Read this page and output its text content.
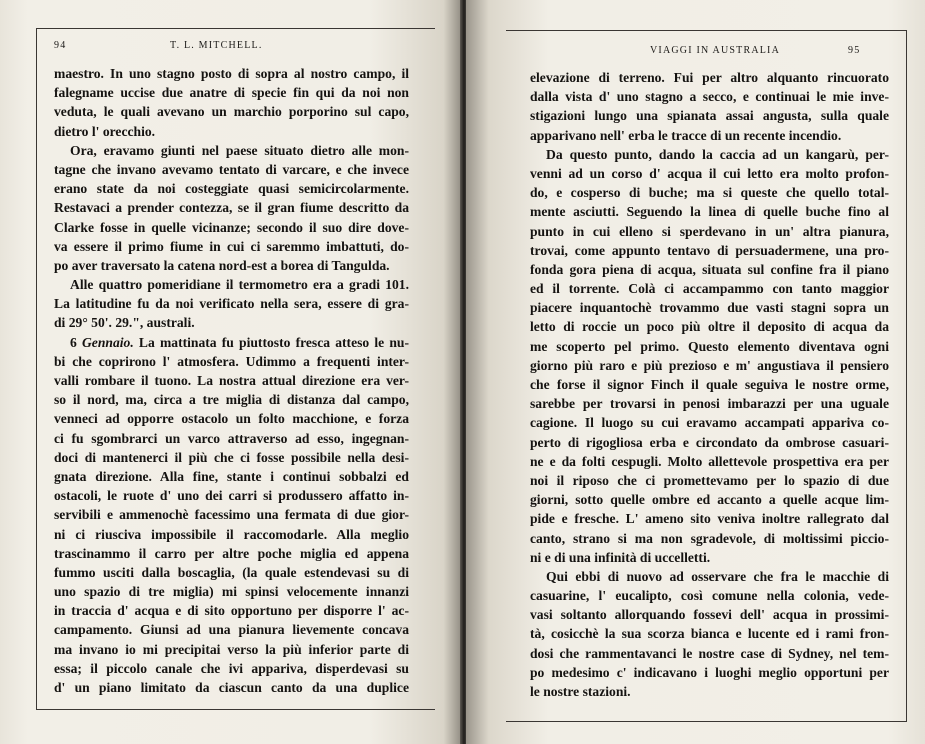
94	T. L. MITCHELL.
maestro. In uno stagno posto di sopra al nostro campo, il
falegname uccise due anatre di specie fin qui da noi non
veduta, le quali avevano un marchio porporino sul capo,
dietro l' orecchio.
Ora, eravamo giunti nel paese situato dietro alle mon-
tagne che invano avevamo tentato di varcare, e che invece
erano state da noi costeggiate quasi semicircolarmente.
Restavaci a prender contezza, se il gran fiume descritto da
Clarke fosse in quelle vicinanze; secondo il suo dire dove-
va essere il primo fiume in cui ci saremmo imbattuti, do-
po aver traversato la catena nord-est a borea di Tangulda.
Alle quattro pomeridiane il termometro era a gradi 101.
La latitudine fu da noi verificato nella sera, essere di gra-
di 29° 50'. 29.", australi.
6 Gennaio. La mattinata fu piuttosto fresca atteso le nu-
bi che coprirono l' atmosfera. Udimmo a frequenti inter-
valli rombare il tuono. La nostra attual direzione era ver-
so il nord, ma, circa a tre miglia di distanza dal campo,
venneci ad opporre ostacolo un folto macchione, e forza
ci fu sgombrarci un varco attraverso ad esso, ingegnan-
doci di mantenerci il più che ci fosse possibile nella desi-
gnata direzione. Alla fine, stante i continui sobbalzi ed
ostacoli, le ruote d' uno dei carri si produssero affatto in-
servibili e ammenochè facessimo una fermata di due gior-
ni ci riusciva impossibile il raccomodarle. Alla meglio
trascinammo il carro per altre poche miglia ed appena
fummo usciti dalla boscaglia, (la quale estendevasi su di
uno spazio di tre miglia) mi spinsi velocemente innanzi
in traccia d' acqua e di sito opportuno per disporre l' ac-
campamento. Giunsi ad una pianura lievemente concava
ma invano io mi precipitai verso la più inferior parte di
essa; il piccolo canale che ivi appariva, disperdevasi su
d' un piano limitato da ciascun canto da una duplice
VIAGGI IN AUSTRALIA	95
elevazione di terreno. Fui per altro alquanto rincuorato
dalla vista d' uno stagno a secco, e continuai le mie inve-
stigazioni lungo una spianata assai angusta, sulla quale
apparivano nell' erba le tracce di un recente incendio.
Da questo punto, dando la caccia ad un kangarù, per-
venni ad un corso d' acqua il cui letto era molto profon-
do, e cosperso di buche; ma si queste che quello total-
mente asciutti. Seguendo la linea di quelle buche fino al
punto in cui elleno si sperdevano in un' altra pianura,
trovai, come appunto tentavo di persuadermene, una pro-
fonda gora piena di acqua, situata sul confine fra il piano
ed il torrente. Colà ci accampammo con tanto maggior
piacere inquantochè trovammo due vasti stagni sopra un
letto di roccie un poco più oltre il deposito di acqua da
me scoperto pel primo. Questo elemento diventava ogni
giorno più raro e più prezioso e m' angustiava il pensiero
che forse il signor Finch il quale seguiva le nostre orme,
sarebbe per trovarsi in penosi imbarazzi per una uguale
cagione. Il luogo su cui eravamo accampati appariva co-
perto di rigogliosa erba e circondato da ombrose casuari-
ne e da folti cespugli. Molto allettevole prospettiva era per
noi il riposo che ci promettevamo per lo spazio di due
giorni, sotto quelle ombre ed accanto a quelle acque lim-
pide e fresche. L' ameno sito veniva inoltre rallegrato dal
canto, strano si ma non sgradevole, di moltissimi piccio-
ni e di una infinità di uccelletti.
Qui ebbi di nuovo ad osservare che fra le macchie di
casuarine, l' eucalipto, così comune nella colonia, vede-
vasi soltanto allorquando fossevi dell' acqua in prossimi-
tà, cosicchè la sua scorza bianca e lucente ed i rami fron-
dosi che rammentavanci le nostre case di Sydney, nel tem-
po medesimo c' indicavano i luoghi meglio opportuni per
le nostre stazioni.
